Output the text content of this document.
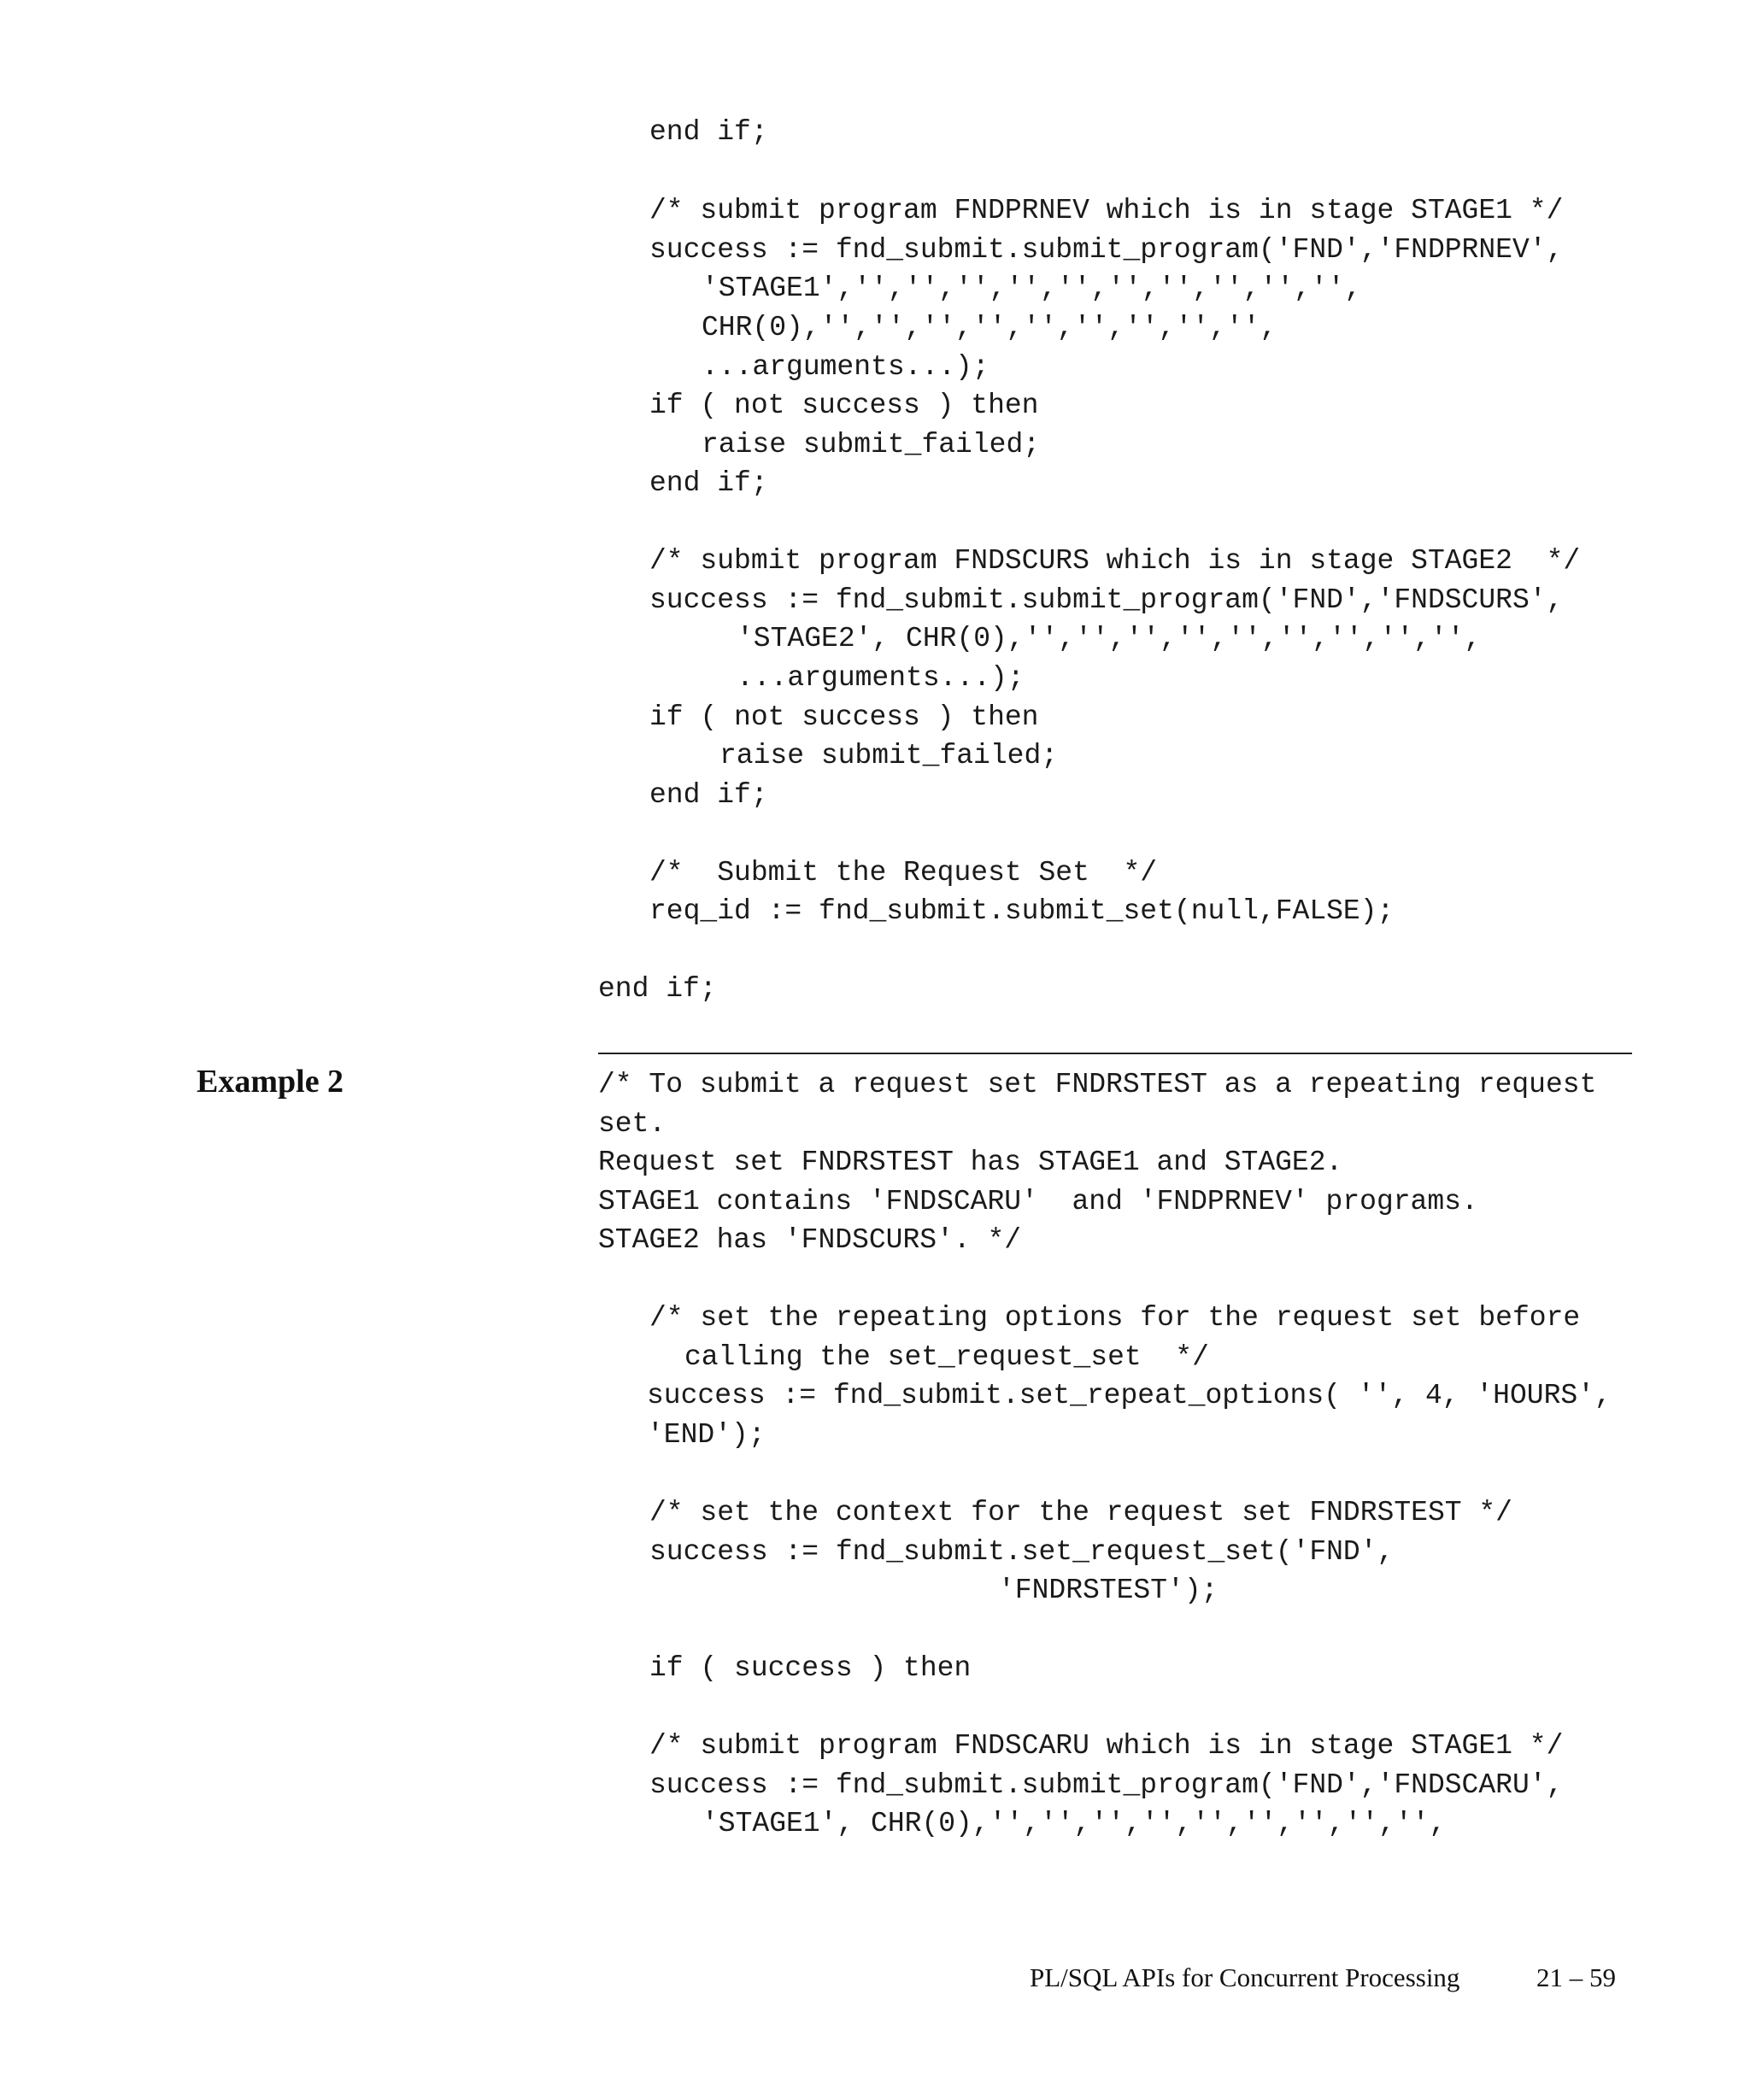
end if;
/* submit program FNDPRNEV which is in stage STAGE1 */
success := fnd_submit.submit_program('FND','FNDPRNEV',
'STAGE1','','','','','','','','','','',
CHR(0),'','','','','','','','','',
...arguments...);
if ( not success ) then
raise submit_failed;
end if;
/* submit program FNDSCURS which is in stage STAGE2  */
success := fnd_submit.submit_program('FND','FNDSCURS',
'STAGE2', CHR(0),'','','','','','','','','',
...arguments...);
if ( not success ) then
raise submit_failed;
end if;
/*  Submit the Request Set  */
req_id := fnd_submit.submit_set(null,FALSE);
end if;
Example 2	/* To submit a request set FNDRSTEST as a repeating request
set.
Request set FNDRSTEST has STAGE1 and STAGE2.
STAGE1 contains 'FNDSCARU'  and 'FNDPRNEV' programs.
STAGE2 has 'FNDSCURS'. */
/* set the repeating options for the request set before
calling the set_request_set  */
success := fnd_submit.set_repeat_options( '', 4, 'HOURS',
'END');
/* set the context for the request set FNDRSTEST */
success := fnd_submit.set_request_set('FND',
'FNDRSTEST');
if ( success ) then
/* submit program FNDSCARU which is in stage STAGE1 */
success := fnd_submit.submit_program('FND','FNDSCARU',
'STAGE1', CHR(0),'','','','','','','','','',
PL/SQL APIs for Concurrent Processing	21 – 59
